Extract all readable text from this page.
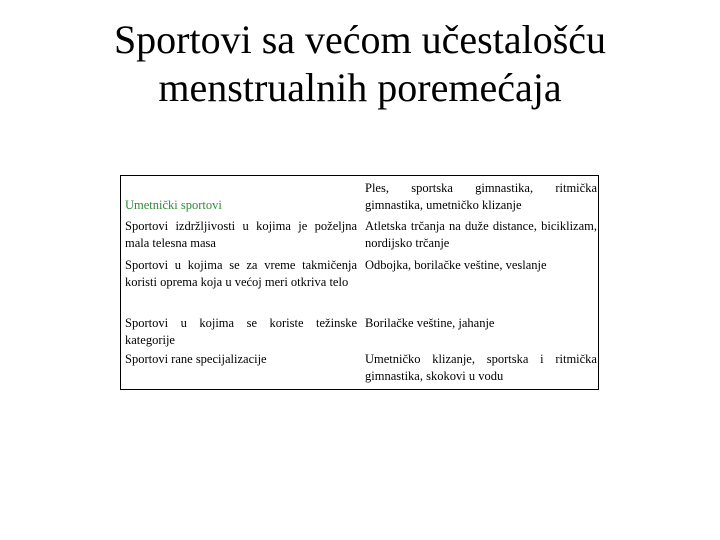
Sportovi sa većom učestalošću
menstrualnih poremećaja
Umetnički sportovi
Ples, sportska gimnastika, ritmička gimnastika, umetničko klizanje
Sportovi izdržljivosti u kojima je poželjna mala telesna masa
Atletska trčanja na duže distance, biciklizam, nordijsko trčanje
Sportovi u kojima se za vreme takmičenja koristi oprema koja u većoj meri otkriva telo
Odbojka, borilačke veštine, veslanje
Sportovi u kojima se koriste težinske kategorije
Borilačke veštine, jahanje
Sportovi rane specijalizacije	Umetničko klizanje, sportska i ritmička gimnastika, skokovi u vodu
